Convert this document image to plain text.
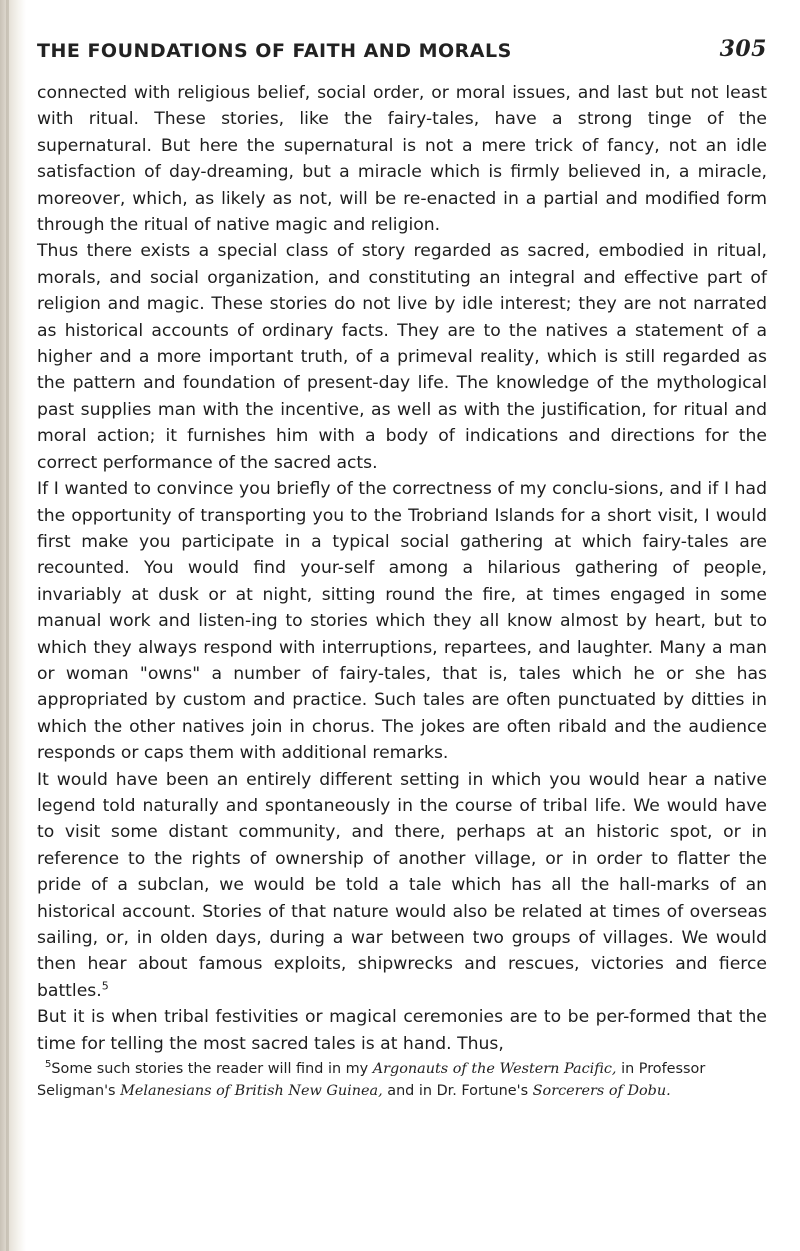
THE FOUNDATIONS OF FAITH AND MORALS	305

connected with religious belief, social order, or moral issues, and last but not least with ritual. These stories, like the fairy-tales, have a strong tinge of the supernatural. But here the supernatural is not a mere trick of fancy, not an idle satisfaction of day-dreaming, but a miracle which is firmly believed in, a miracle, moreover, which, as likely as not, will be re-enacted in a partial and modified form through the ritual of native magic and religion.

Thus there exists a special class of story regarded as sacred, embodied in ritual, morals, and social organization, and constituting an integral and effective part of religion and magic. These stories do not live by idle interest; they are not narrated as historical accounts of ordinary facts. They are to the natives a statement of a higher and a more important truth, of a primeval reality, which is still regarded as the pattern and foundation of present-day life. The knowledge of the mythological past supplies man with the incentive, as well as with the justification, for ritual and moral action; it furnishes him with a body of indications and directions for the correct performance of the sacred acts.

If I wanted to convince you briefly of the correctness of my conclu-sions, and if I had the opportunity of transporting you to the Trobriand Islands for a short visit, I would first make you participate in a typical social gathering at which fairy-tales are recounted. You would find your-self among a hilarious gathering of people, invariably at dusk or at night, sitting round the fire, at times engaged in some manual work and listen-ing to stories which they all know almost by heart, but to which they always respond with interruptions, repartees, and laughter. Many a man or woman "owns" a number of fairy-tales, that is, tales which he or she has appropriated by custom and practice. Such tales are often punctuated by ditties in which the other natives join in chorus. The jokes are often ribald and the audience responds or caps them with additional remarks.

It would have been an entirely different setting in which you would hear a native legend told naturally and spontaneously in the course of tribal life. We would have to visit some distant community, and there, perhaps at an historic spot, or in reference to the rights of ownership of another village, or in order to flatter the pride of a subclan, we would be told a tale which has all the hall-marks of an historical account. Stories of that nature would also be related at times of overseas sailing, or, in olden days, during a war between two groups of villages. We would then hear about famous exploits, shipwrecks and rescues, victories and fierce battles.$^5$

But it is when tribal festivities or magical ceremonies are to be per-formed that the time for telling the most sacred tales is at hand. Thus,

$^5$Some such stories the reader will find in my Argonauts of the Western Pacific, in Professor Seligman's Melanesians of British New Guinea, and in Dr. Fortune's Sorcerers of Dobu.
